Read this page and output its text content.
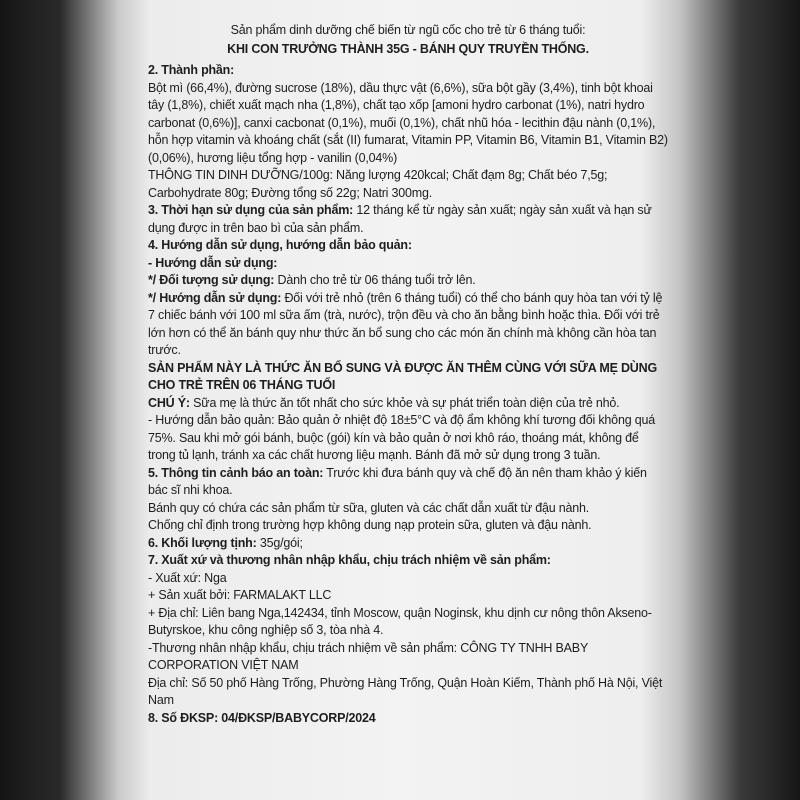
Sản phẩm dinh dưỡng chế biến từ ngũ cốc cho trẻ từ 6 tháng tuổi:
KHI CON TRƯỞNG THÀNH 35G - BÁNH QUY TRUYỀN THỐNG.
2. Thành phần:

Bột mì (66,4%), đường sucrose (18%), dầu thực vật (6,6%), sữa bột gầy (3,4%), tinh bột khoai tây (1,8%), chiết xuất mạch nha (1,8%), chất tạo xốp [amoni hydro carbonat (1%), natri hydro carbonat (0,6%)], canxi cacbonat (0,1%), muối (0,1%), chất nhũ hóa - lecithin đậu nành (0,1%), hỗn hợp vitamin và khoáng chất (sắt (II) fumarat, Vitamin PP, Vitamin B6, Vitamin B1, Vitamin B2) (0,06%), hương liệu tổng hợp - vanilin (0,04%)

THÔNG TIN DINH DƯỠNG/100g: Năng lượng 420kcal; Chất đạm 8g; Chất béo 7,5g; Carbohydrate 80g; Đường tổng số 22g; Natri 300mg.

3. Thời hạn sử dụng của sản phẩm: 12 tháng kể từ ngày sản xuất; ngày sản xuất và hạn sử dụng được in trên bao bì của sản phẩm.

4. Hướng dẫn sử dụng, hướng dẫn bảo quản:
- Hướng dẫn sử dụng:

*/ Đối tượng sử dụng: Dành cho trẻ từ 06 tháng tuổi trở lên.

*/ Hướng dẫn sử dụng: Đối với trẻ nhỏ (trên 6 tháng tuổi) có thể cho bánh quy hòa tan với tỷ lệ 7 chiếc bánh với 100 ml sữa ấm (trà, nước), trộn đều và cho ăn bằng bình hoặc thìa. Đối với trẻ lớn hơn có thể ăn bánh quy như thức ăn bổ sung cho các món ăn chính mà không cần hòa tan trước.

SẢN PHẨM NÀY LÀ THỨC ĂN BỔ SUNG VÀ ĐƯỢC ĂN THÊM CÙNG VỚI SỮA MẸ DÙNG CHO TRẺ TRÊN 06 THÁNG TUỔI

CHÚ Ý: Sữa mẹ là thức ăn tốt nhất cho sức khỏe và sự phát triển toàn diện của trẻ nhỏ.

- Hướng dẫn bảo quản: Bảo quản ở nhiệt độ 18±5°C và độ ẩm không khí tương đối không quá 75%. Sau khi mở gói bánh, buộc (gói) kín và bảo quản ở nơi khô ráo, thoáng mát, không để trong tủ lạnh, tránh xa các chất hương liệu mạnh. Bánh đã mở sử dụng trong 3 tuần.

5. Thông tin cảnh báo an toàn: Trước khi đưa bánh quy và chế độ ăn nên tham khảo ý kiến bác sĩ nhi khoa.

Bánh quy có chứa các sản phẩm từ sữa, gluten và các chất dẫn xuất từ đậu nành.

Chống chỉ định trong trường hợp không dung nạp protein sữa, gluten và đậu nành.

6. Khối lượng tịnh: 35g/gói;

7. Xuất xứ và thương nhân nhập khẩu, chịu trách nhiệm về sản phẩm:

- Xuất xứ: Nga

+ Sản xuất bởi: FARMALAKT LLC

+ Địa chỉ: Liên bang Nga,142434, tỉnh Moscow, quận Noginsk, khu dịnh cư nông thôn Akseno-Butyrskoe, khu công nghiệp số 3, tòa nhà 4.

-Thương nhân nhập khẩu, chịu trách nhiệm về sản phẩm: CÔNG TY TNHH BABY CORPORATION VIỆT NAM

Địa chỉ: Số 50 phố Hàng Trống, Phường Hàng Trống, Quận Hoàn Kiếm, Thành phố Hà Nội, Việt Nam

8. Số ĐKSP: 04/ĐKSP/BABYCORP/2024
